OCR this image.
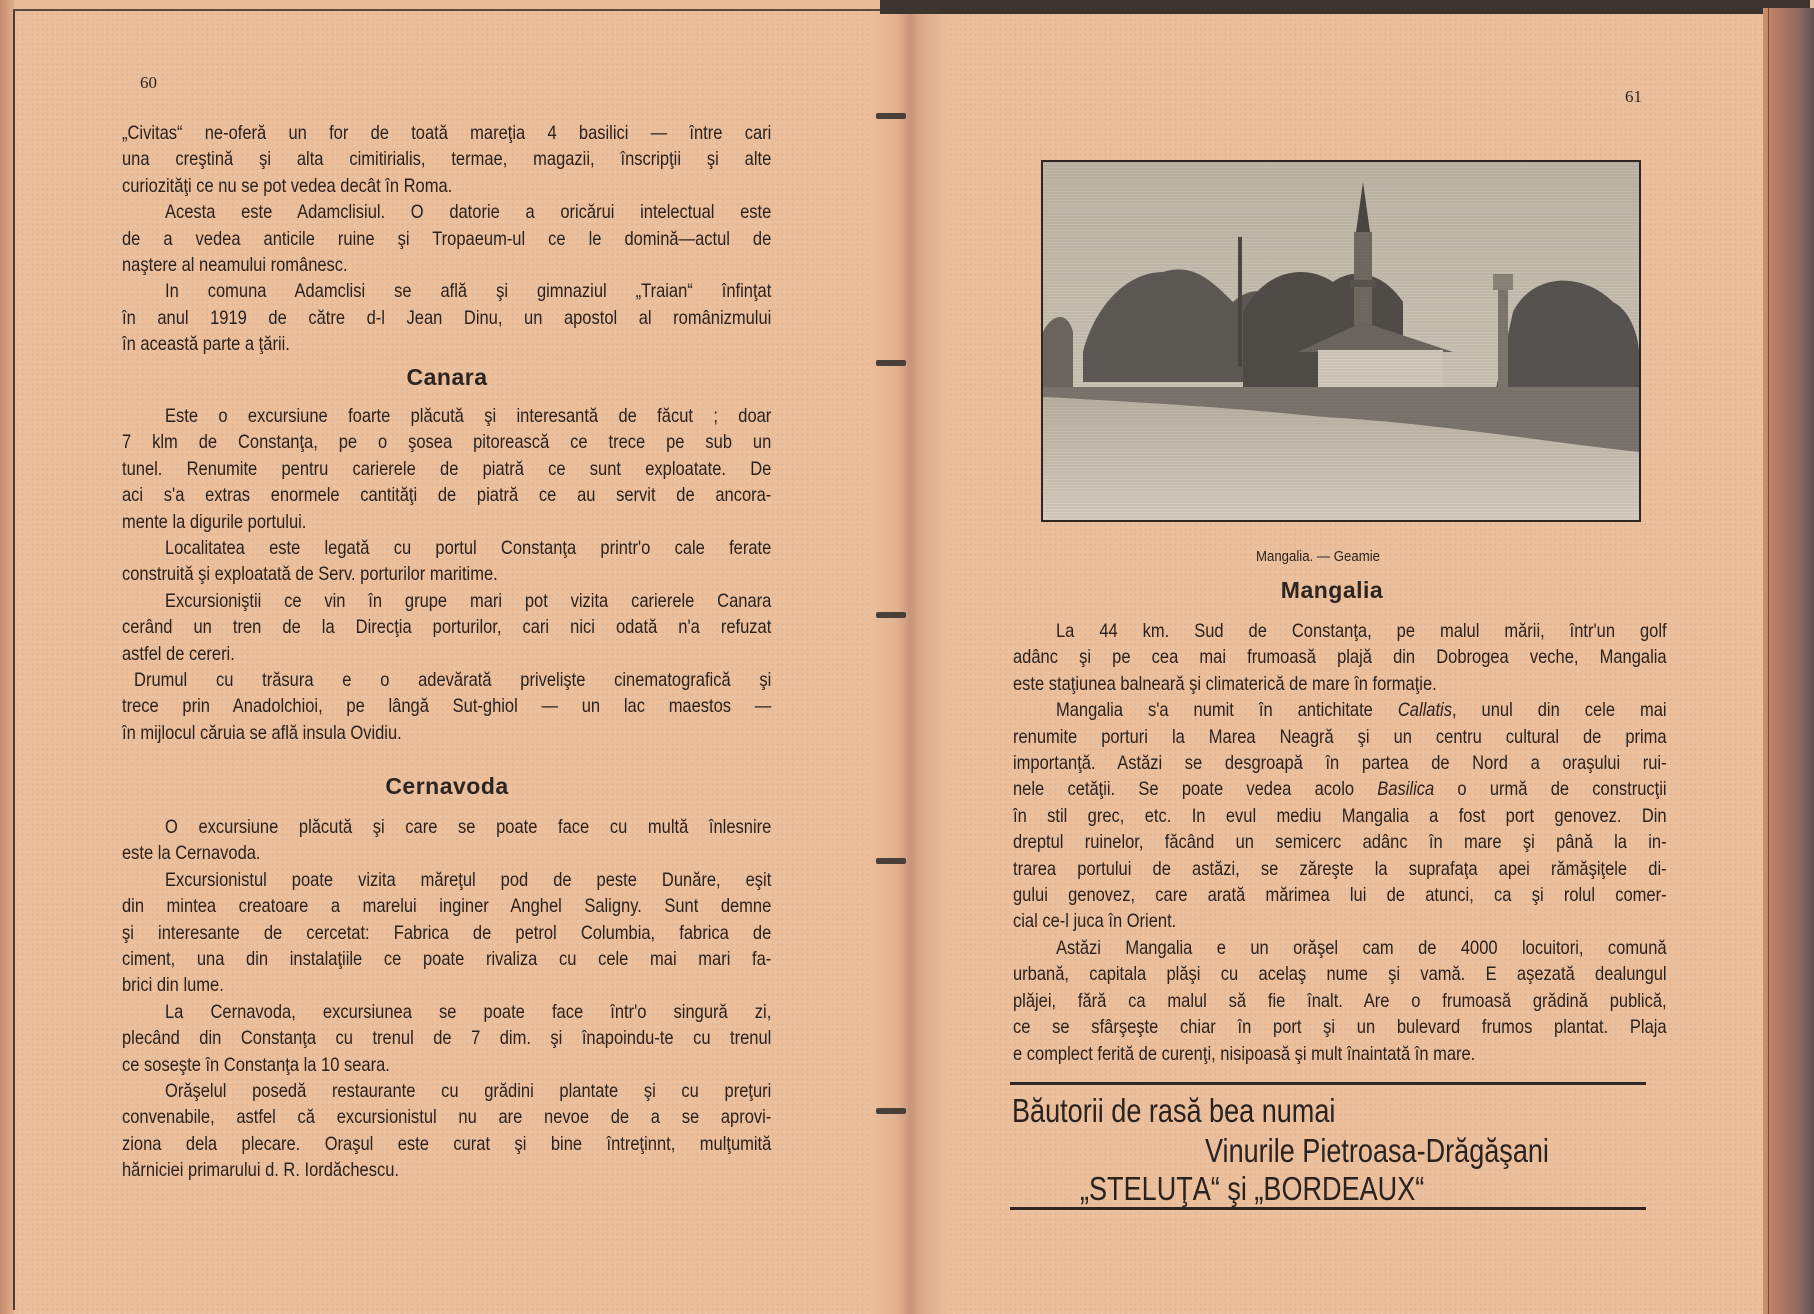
60
„Civitas“ ne-oferă un for de toată mareţia 4 basilici — între cari
una creştină şi alta cimitirialis, termae, magazii, înscripţii şi alte
curiozităţi ce nu se pot vedea decât în Roma.
Acesta este Adamclisiul. O datorie a oricărui intelectual este
de a vedea anticile ruine şi Tropaeum-ul ce le domină—actul de
naştere al neamului românesc.
In comuna Adamclisi se află şi gimnaziul „Traian“ înfinţat
în anul 1919 de către d-l Jean Dinu, un apostol al românizmului
în această parte a ţării.
Canara
Este o excursiune foarte plăcută şi interesantă de făcut ; doar
7 klm de Constanţa, pe o şosea pitorească ce trece pe sub un
tunel. Renumite pentru carierele de piatră ce sunt exploatate. De
aci s'a extras enormele cantităţi de piatră ce au servit de ancora-
mente la digurile portului.
Localitatea este legată cu portul Constanţa printr'o cale ferate
construită şi exploatată de Serv. porturilor maritime.
Excursioniştii ce vin în grupe mari pot vizita carierele Canara
cerând un tren de la Direcţia porturilor, cari nici odată n'a refuzat
astfel de cereri.
Drumul cu trăsura e o adevărată privelişte cinematografică şi
trece prin Anadolchioi, pe lângă Sut-ghiol — un lac maestos —
în mijlocul căruia se află insula Ovidiu.
Cernavoda
O excursiune plăcută şi care se poate face cu multă înlesnire
este la Cernavoda.
Excursionistul poate vizita măreţul pod de peste Dunăre, eşit
din mintea creatoare a marelui inginer Anghel Saligny. Sunt demne
şi interesante de cercetat: Fabrica de petrol Columbia, fabrica de
ciment, una din instalaţiile ce poate rivaliza cu cele mai mari fa-
brici din lume.
La Cernavoda, excursiunea se poate face într'o singură zi,
plecând din Constanţa cu trenul de 7 dim. şi înapoindu-te cu trenul
ce soseşte în Constanţa la 10 seara.
Orăşelul posedă restaurante cu grădini plantate şi cu preţuri
convenabile, astfel că excursionistul nu are nevoe de a se aprovi-
ziona dela plecare. Oraşul este curat şi bine întreţinnt, mulţumită
hărniciei primarului d. R. Iordăchescu.
61
Mangalia. — Geamie
Mangalia
La 44 km. Sud de Constanţa, pe malul mării, într'un golf
adânc şi pe cea mai frumoasă plajă din Dobrogea veche, Mangalia
este staţiunea balneară şi climaterică de mare în formaţie.
Mangalia s'a numit în antichitate Callatis, unul din cele mai
renumite porturi la Marea Neagră şi un centru cultural de prima
importanţă. Astăzi se desgroapă în partea de Nord a oraşului rui-
nele cetăţii. Se poate vedea acolo Basilica o urmă de construcţii
în stil grec, etc. In evul mediu Mangalia a fost port genovez. Din
dreptul ruinelor, făcând un semicerc adânc în mare şi până la in-
trarea portului de astăzi, se zăreşte la suprafaţa apei rămăşiţele di-
gului genovez, care arată mărimea lui de atunci, ca şi rolul comer-
cial ce-l juca în Orient.
Astăzi Mangalia e un orăşel cam de 4000 locuitori, comună
urbană, capitala plăşi cu acelaş nume şi vamă. E aşezată dealungul
plăjei, fără ca malul să fie înalt. Are o frumoasă grădină publică,
ce se sfârşeşte chiar în port şi un bulevard frumos plantat. Plaja
e complect ferită de curenţi, nisipoasă şi mult înaintată în mare.
Băutorii de rasă bea numai
Vinurile Pietroasa-Drăgăşani
„STELUŢA“ şi „BORDEAUX“
